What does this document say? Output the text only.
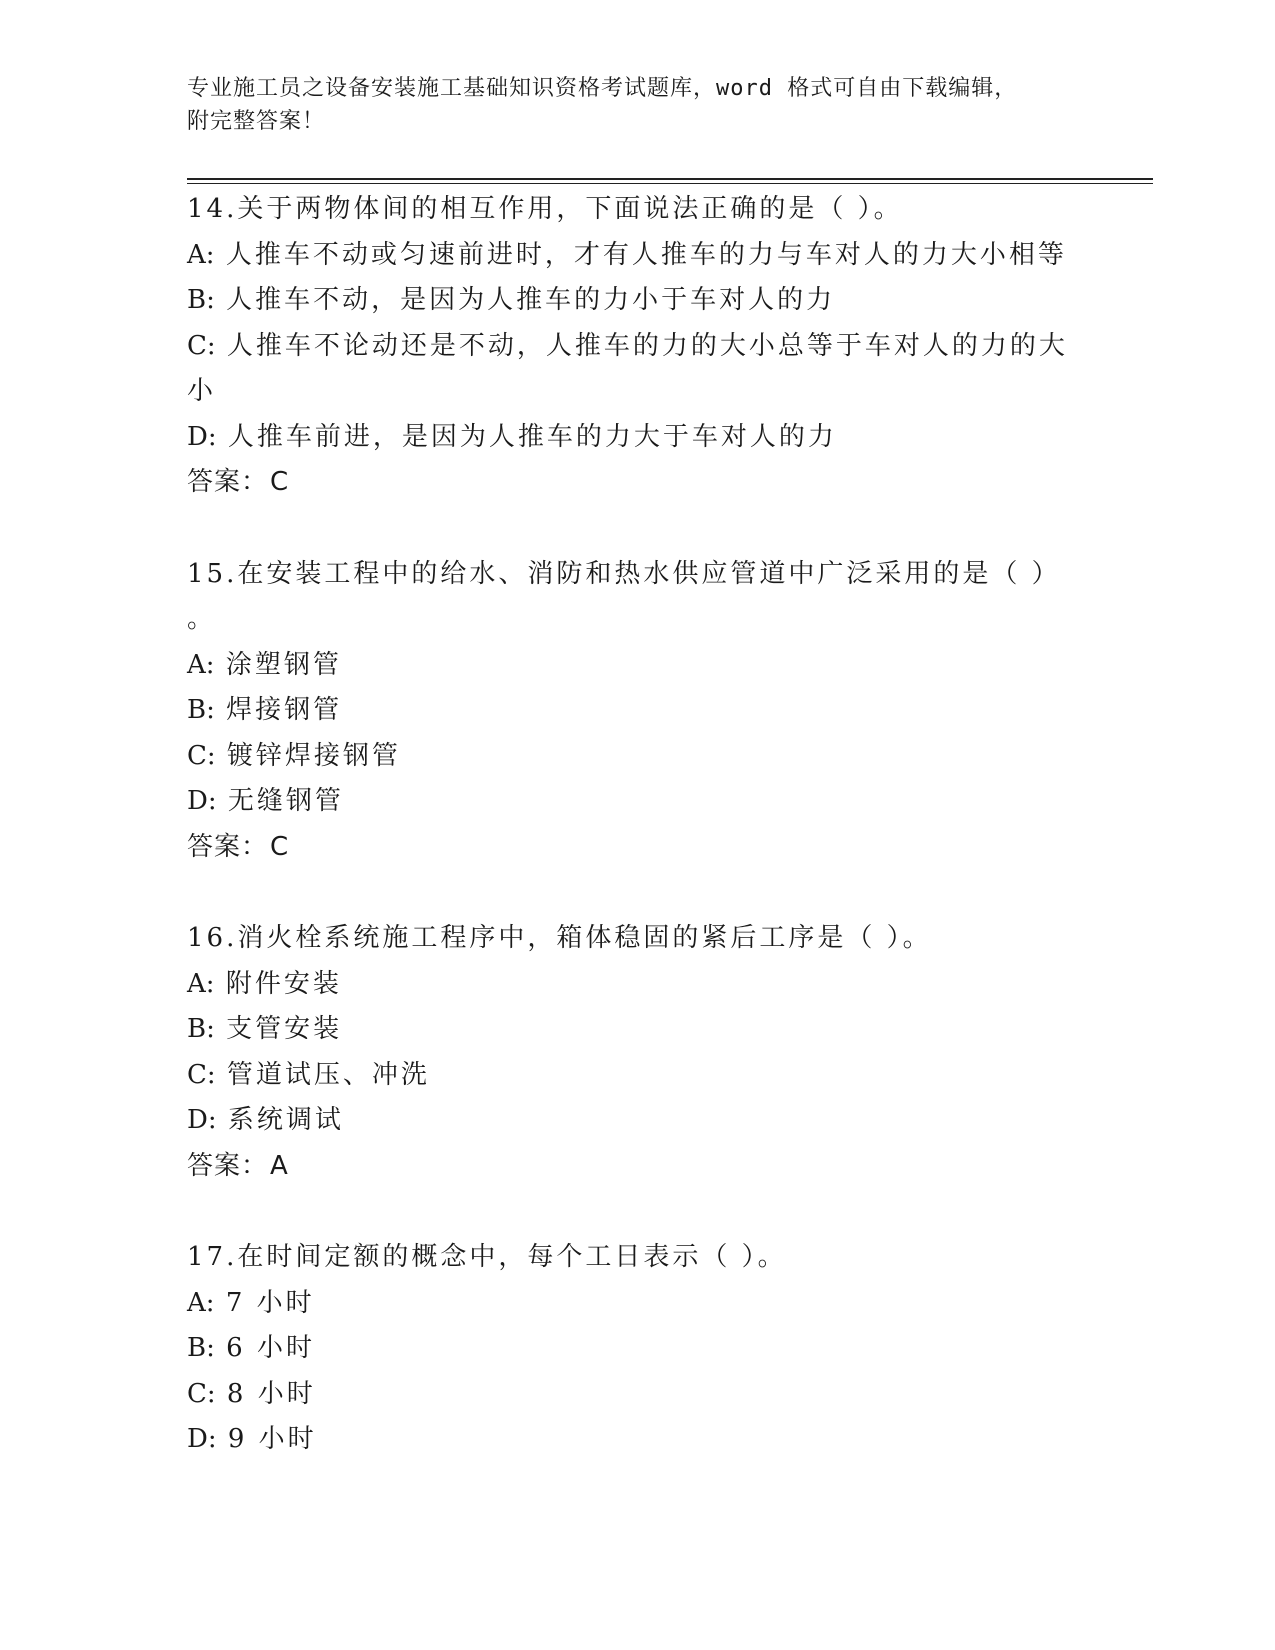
专业施工员之设备安装施工基础知识资格考试题库，word 格式可自由下载编辑，
附完整答案！
14.关于两物体间的相互作用，下面说法正确的是（ ）。
A: 人推车不动或匀速前进时，才有人推车的力与车对人的力大小相等
B: 人推车不动，是因为人推车的力小于车对人的力
C: 人推车不论动还是不动，人推车的力的大小总等于车对人的力的大
小
D: 人推车前进，是因为人推车的力大于车对人的力
答案：C
15.在安装工程中的给水、消防和热水供应管道中广泛采用的是（ ）
。
A: 涂塑钢管
B: 焊接钢管
C: 镀锌焊接钢管
D: 无缝钢管
答案：C
16.消火栓系统施工程序中，箱体稳固的紧后工序是（ ）。
A: 附件安装
B: 支管安装
C: 管道试压、冲洗
D: 系统调试
答案：A
17.在时间定额的概念中，每个工日表示（ ）。
A: 7 小时
B: 6 小时
C: 8 小时
D: 9 小时
